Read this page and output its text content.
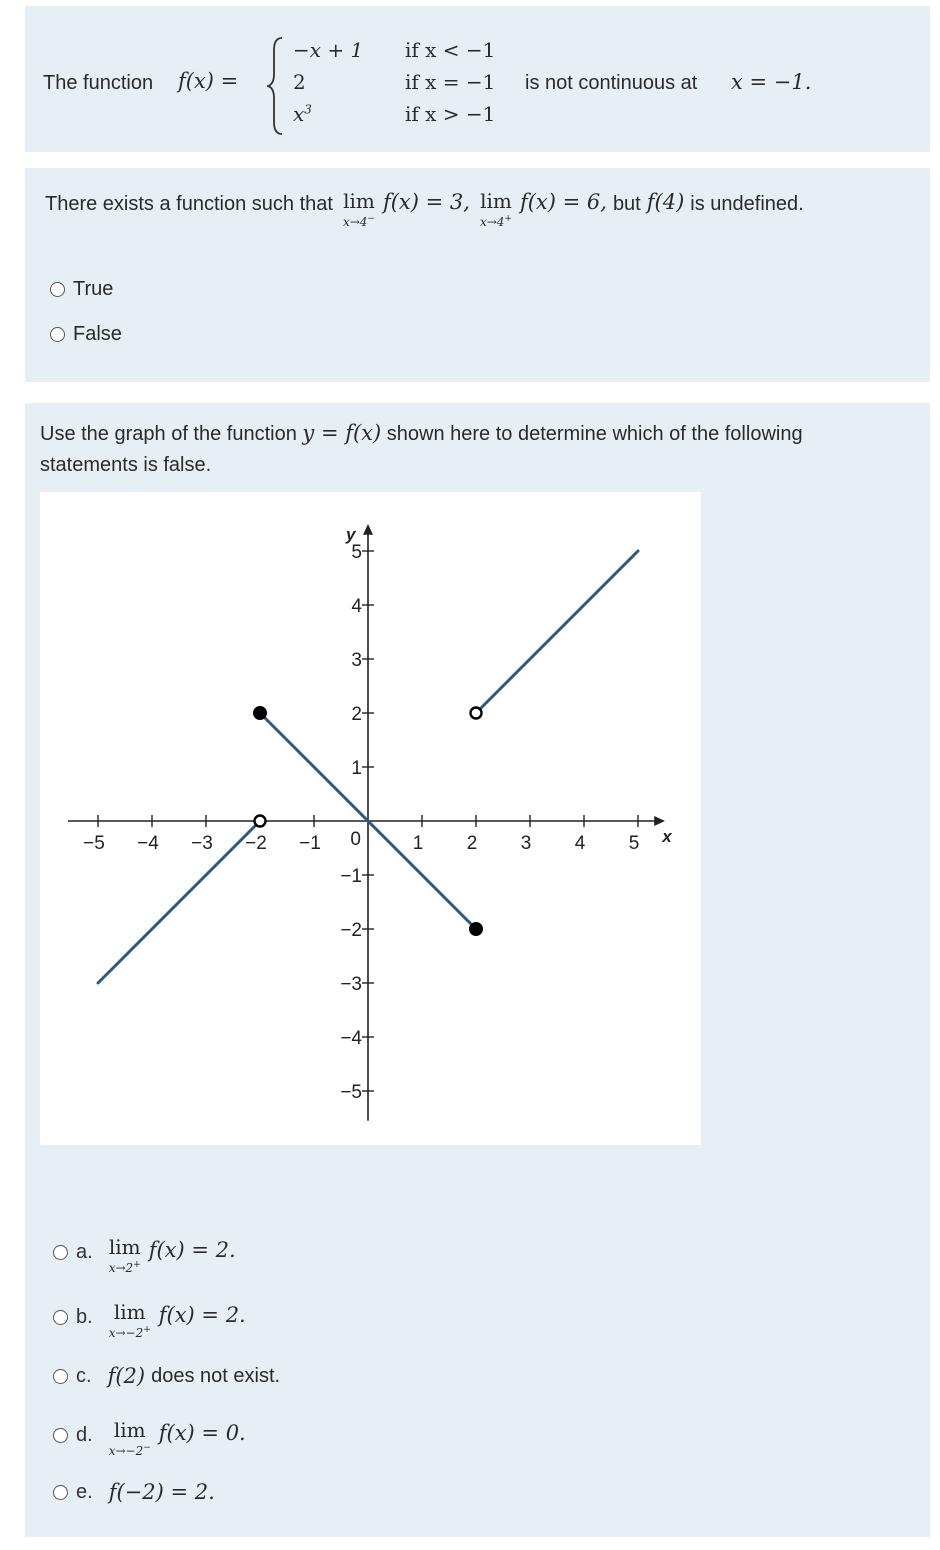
The function f(x) =
−x + 1 if x < −1
2	if x = −1
$x^3$	if x > −1
is not continuous at x = −1.
There exists a function such that lim
x→4−
f(x) = 3, lim
x→4+
f(x) = 6, but f(4) is undefined.
True
False
Use the graph of the function y = f(x) shown here to determine which of the following
statements is false.
x
y
−5 −4 −3 −2 −1	1 2 3 4 5
1
−1
2
−2
3
−3
4
−4
5
−5
0
a. lim
x→2+
f(x) = 2.
b. lim
x→−2+
f(x) = 2.
c. f(2) does not exist.
d. lim
x→−2−
f(x) = 0.
e. f(−2) = 2.
